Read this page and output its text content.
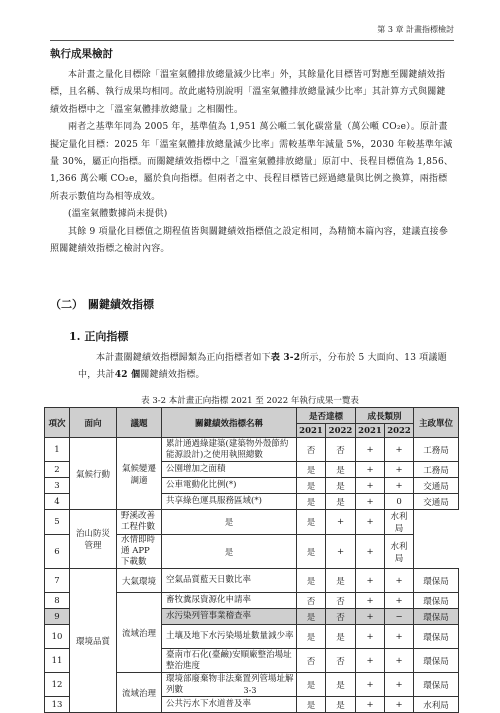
第 3 章 計畫指標檢討

執行成果檢討

本計畫之量化目標除「溫室氣體排放總量減少比率」外，其餘量化目標皆可對應至關鍵績效指標，且名稱、執行成果均相同。故此處特別說明「溫室氣體排放總量減少比率」其計算方式與關鍵績效指標中之「溫室氣體排放總量」之相關性。

兩者之基準年同為 2005 年，基準值為 1,951 萬公噸二氧化碳當量（萬公噸 CO₂e）。原計畫擬定量化目標：2025 年「溫室氣體排放總量減少比率」需較基準年減量 5%，2030 年較基準年減量 30%，屬正向指標。而關鍵績效指標中之「溫室氣體排放總量」原訂中、長程目標值為 1,856、1,366 萬公噸 CO₂e，屬於負向指標。但兩者之中、長程目標皆已經過總量與比例之換算，兩指標所表示數值均為相等成效。

(溫室氣體數據尚未提供)

其餘 9 項量化目標值之期程值皆與關鍵績效指標值之設定相同，為精簡本篇內容，建議直接參照關鍵績效指標之檢討內容。

（二） 關鍵績效指標
1. 正向指標

本計畫關鍵績效指標歸類為正向指標者如下表 3-2所示，分布於 5 大面向、13 項議題中，共計42 個關鍵績效指標。

表 3-2 本計畫正向指標 2021 至 2022 年執行成果一覽表
項次	面向	議題	關鍵績效指標名稱	是否達標		成長類別		主政單位
				2021	2022	2021	2022	
1	氣候行動	氣候變遷調適	累計通過綠建築(建築物外殼節約能源設計)之使用執照總數	否	否	+	+	工務局
2			公園增加之面積	是	是	+	+	工務局
3			公車電動化比例(*)	是	是	+	+	交通局
4			共享綠色運具服務區域(*)	是	是	+	0	交通局
5	治山防災管理	野溪改善工程件數	是	是	+	+	水利局	
6		水情即時通 APP 下載數	是	是	+	+	水利局	
7	環境品質	大氣環境	空氣品質藍天日數比率	是	是	+	+	環保局
8		流域治理	畜牧糞尿資源化申請率	否	否	+	+	環保局
9			水污染列管事業稽查率	是	否	+	−	環保局
10			土壤及地下水污染場址數量減少率	是	是	+	+	環保局
11			臺南市石化(臺鹼)安順廠整治場址整治進度	否	否	+	+	環保局
12		流域治理	環境部廢棄物非法棄置列管場址解列數	是	是	+	+	環保局
13			公共污水下水道普及率	是	是	+	+	水利局
3-3
